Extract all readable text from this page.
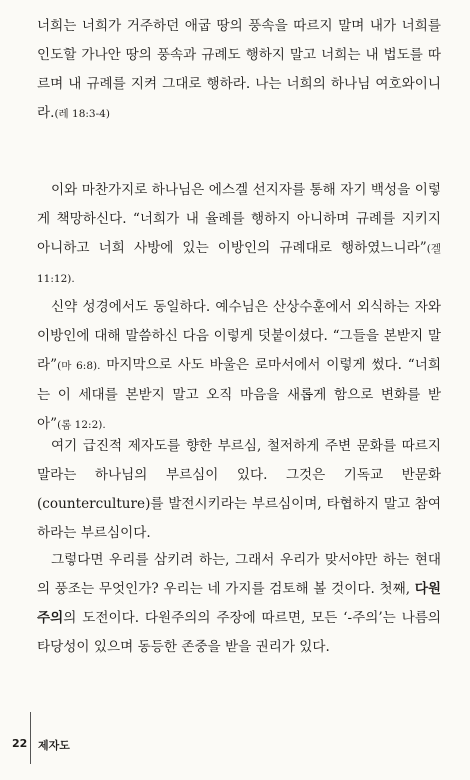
너희는 너희가 거주하던 애굽 땅의 풍속을 따르지 말며 내가 너희를 인도할 가나안 땅의 풍속과 규례도 행하지 말고 너희는 내 법도를 따르며 내 규례를 지켜 그대로 행하라. 나는 너희의 하나님 여호와이니라.(레 18:3-4)

이와 마찬가지로 하나님은 에스겔 선지자를 통해 자기 백성을 이렇게 책망하신다. “너희가 내 율례를 행하지 아니하며 규례를 지키지 아니하고 너희 사방에 있는 이방인의 규례대로 행하였느니라”(겔 11:12).

신약 성경에서도 동일하다. 예수님은 산상수훈에서 외식하는 자와 이방인에 대해 말씀하신 다음 이렇게 덧붙이셨다. “그들을 본받지 말라”(마 6:8). 마지막으로 사도 바울은 로마서에서 이렇게 썼다. “너희는 이 세대를 본받지 말고 오직 마음을 새롭게 함으로 변화를 받아”(롬 12:2).

여기 급진적 제자도를 향한 부르심, 철저하게 주변 문화를 따르지 말라는 하나님의 부르심이 있다. 그것은 기독교 반문화(counterculture)를 발전시키라는 부르심이며, 타협하지 말고 참여하라는 부르심이다.

그렇다면 우리를 삼키려 하는, 그래서 우리가 맞서야만 하는 현대의 풍조는 무엇인가? 우리는 네 가지를 검토해 볼 것이다. 첫째, 다원주의의 도전이다. 다원주의의 주장에 따르면, 모든 ‘-주의’는 나름의 타당성이 있으며 동등한 존중을 받을 권리가 있다.

22 제자도
